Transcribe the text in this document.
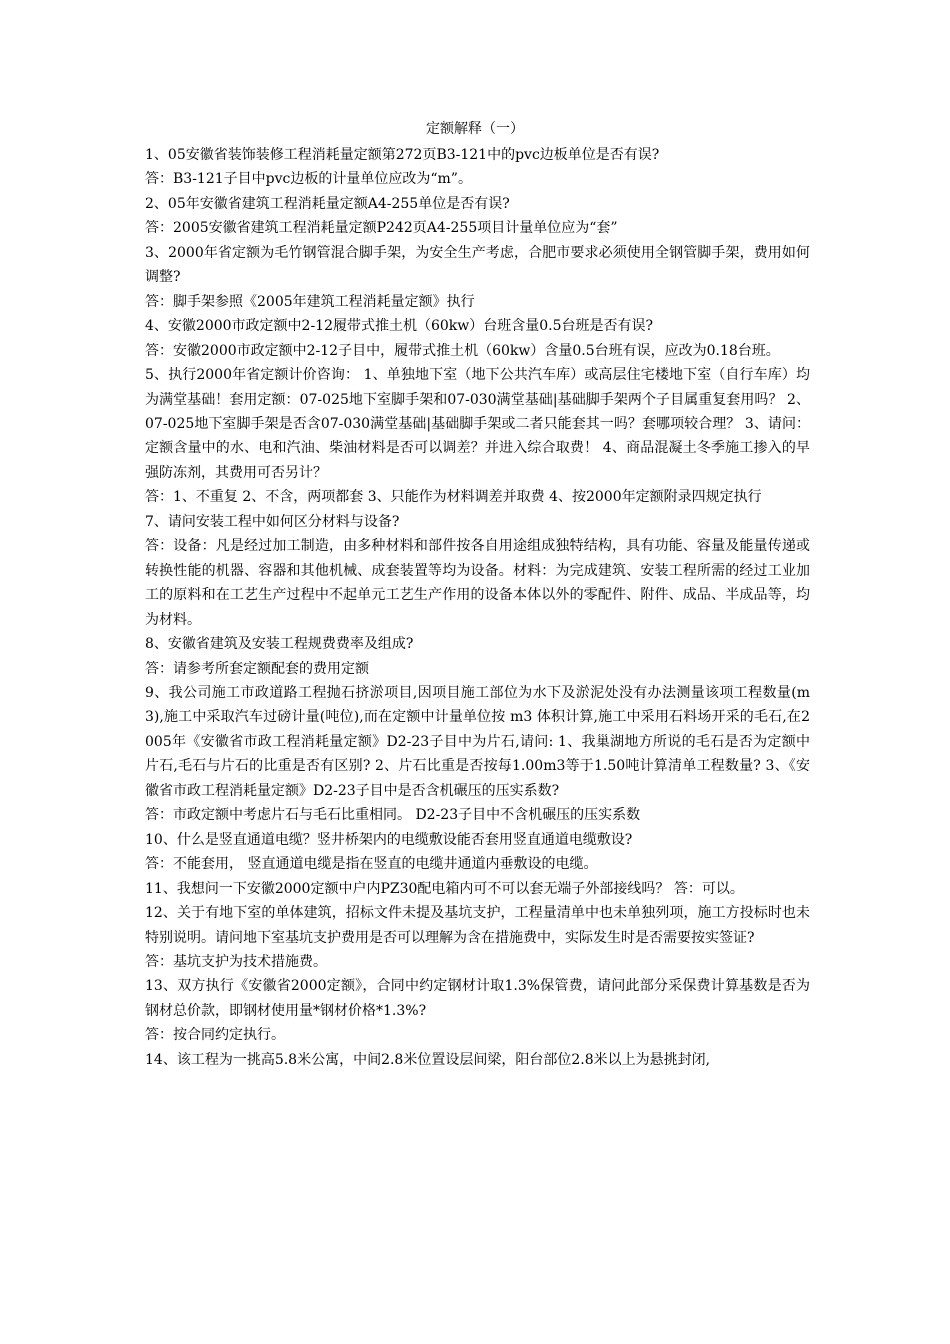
定额解释（一）

1、05安徽省装饰装修工程消耗量定额第272页B3-121中的pvc边板单位是否有误?

答：B3-121子目中pvc边板的计量单位应改为“m”。

2、05年安徽省建筑工程消耗量定额A4-255单位是否有误?

答：2005安徽省建筑工程消耗量定额P242页A4-255项目计量单位应为“套”

3、2000年省定额为毛竹钢管混合脚手架，为安全生产考虑，合肥市要求必须使用全钢管脚手架，费用如何调整?

答：脚手架参照《2005年建筑工程消耗量定额》执行

4、安徽2000市政定额中2-12履带式推土机（60kw）台班含量0.5台班是否有误?

答：安徽2000市政定额中2-12子目中，履带式推土机（60kw）含量0.5台班有误，应改为0.18台班。

5、执行2000年省定额计价咨询： 1、单独地下室（地下公共汽车库）或高层住宅楼地下室（自行车库）均为满堂基础！套用定额：07-025地下室脚手架和07-030满堂基础|基础脚手架两个子目属重复套用吗？ 2、07-025地下室脚手架是否含07-030满堂基础|基础脚手架或二者只能套其一吗？套哪项较合理？ 3、请问：定额含量中的水、电和汽油、柴油材料是否可以调差？并进入综合取费！ 4、商品混凝土冬季施工掺入的早强防冻剂，其费用可否另计？

答：1、不重复 2、不含，两项都套 3、只能作为材料调差并取费 4、按2000年定额附录四规定执行

7、请问安装工程中如何区分材料与设备?

答：设备：凡是经过加工制造，由多种材料和部件按各自用途组成独特结构，具有功能、容量及能量传递或转换性能的机器、容器和其他机械、成套装置等均为设备。材料：为完成建筑、安装工程所需的经过工业加工的原料和在工艺生产过程中不起单元工艺生产作用的设备本体以外的零配件、附件、成品、半成品等，均为材料。

8、安徽省建筑及安装工程规费费率及组成?

答：请参考所套定额配套的费用定额

9、我公司施工市政道路工程抛石挤淤项目,因项目施工部位为水下及淤泥处没有办法测量该项工程数量(m3),施工中采取汽车过磅计量(吨位),而在定额中计量单位按 m3 体积计算,施工中采用石料场开采的毛石,在2005年《安徽省市政工程消耗量定额》D2-23子目中为片石,请问: 1、我巢湖地方所说的毛石是否为定额中片石,毛石与片石的比重是否有区别? 2、片石比重是否按每1.00m3等于1.50吨计算清单工程数量? 3、《安徽省市政工程消耗量定额》D2-23子目中是否含机碾压的压实系数?

答：市政定额中考虑片石与毛石比重相同。 D2-23子目中不含机碾压的压实系数

10、什么是竖直通道电缆？竖井桥架内的电缆敷设能否套用竖直通道电缆敷设?

答：不能套用， 竖直通道电缆是指在竖直的电缆井通道内垂敷设的电缆。

11、我想问一下安徽2000定额中户内PZ30配电箱内可不可以套无端子外部接线吗？ 答：可以。

12、关于有地下室的单体建筑，招标文件未提及基坑支护，工程量清单中也未单独列项，施工方投标时也未特别说明。请问地下室基坑支护费用是否可以理解为含在措施费中，实际发生时是否需要按实签证?

答：基坑支护为技术措施费。

13、双方执行《安徽省2000定额》，合同中约定钢材计取1.3%保管费，请问此部分采保费计算基数是否为钢材总价款，即钢材使用量*钢材价格*1.3%?

答：按合同约定执行。

14、该工程为一挑高5.8米公寓，中间2.8米位置设层间梁，阳台部位2.8米以上为悬挑封闭,
